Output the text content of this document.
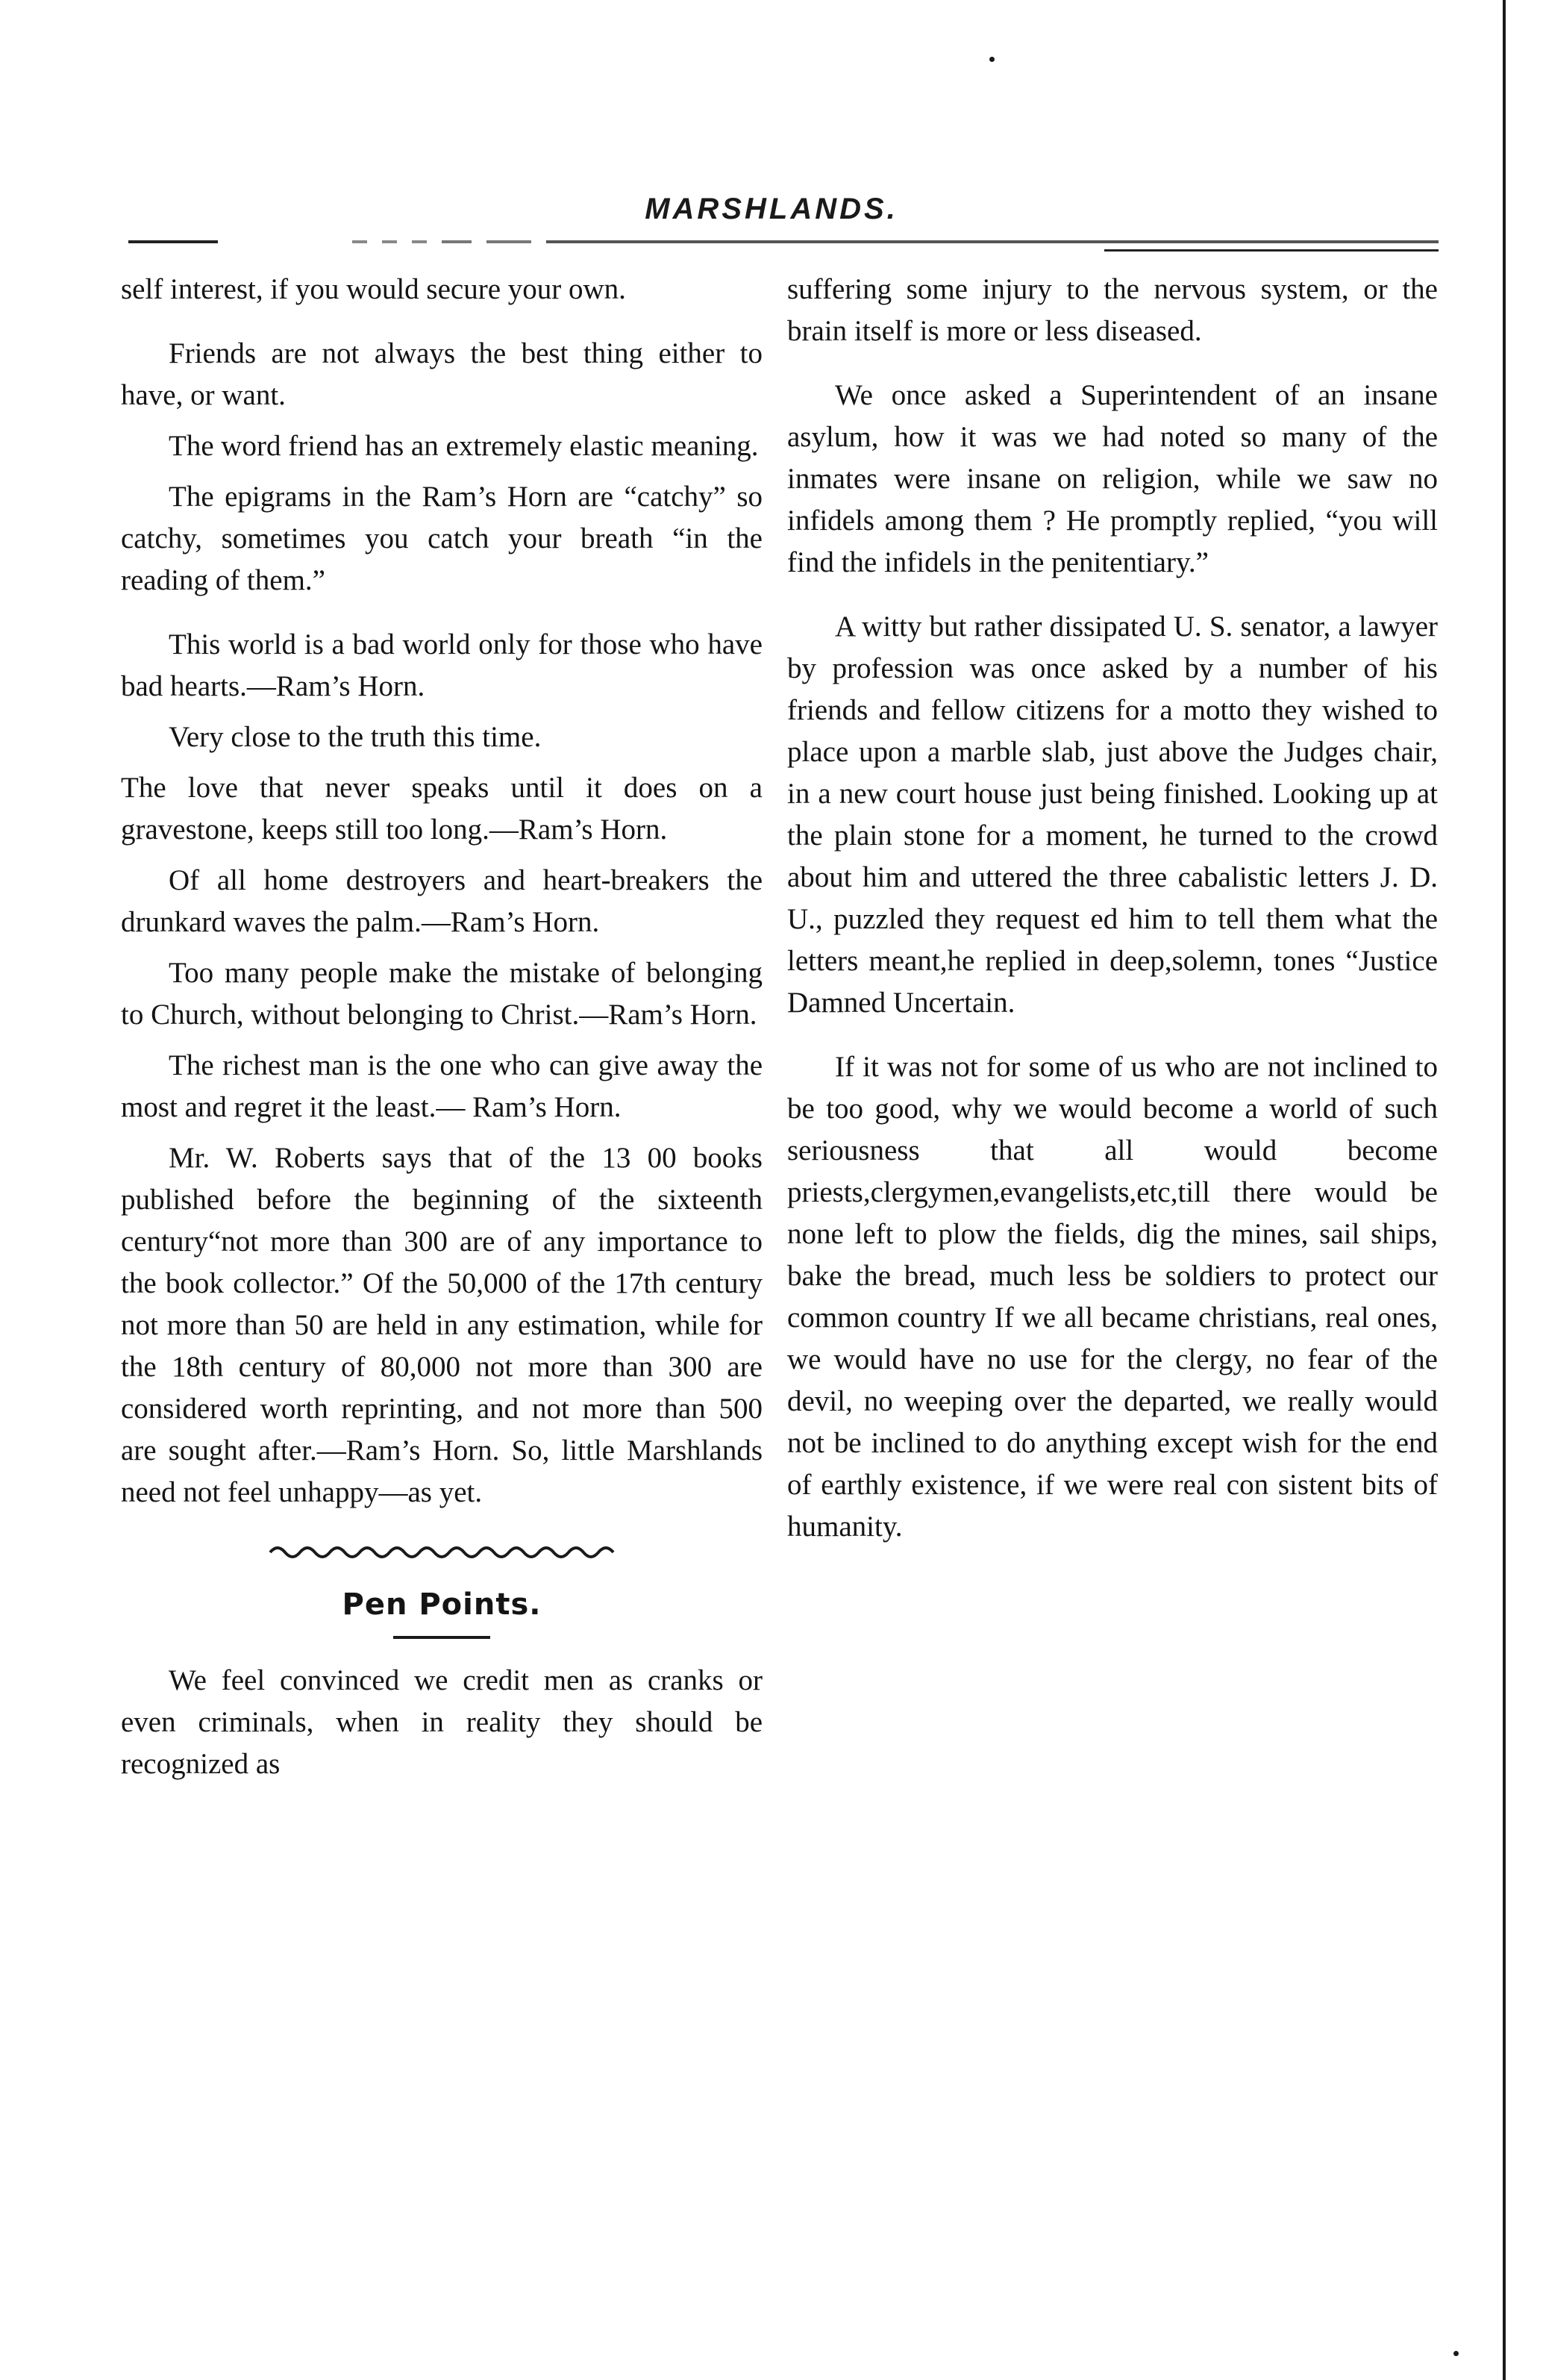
MARSHLANDS.

self interest, if you would secure your own.

Friends are not always the best thing either to have, or want.

The word friend has an extremely elastic meaning.

The epigrams in the Ram’s Horn are “catchy” so catchy, sometimes you catch your breath “in the reading of them.”

This world is a bad world only for those who have bad hearts.—Ram’s Horn.

Very close to the truth this time.

The love that never speaks until it does on a gravestone, keeps still too long.—Ram’s Horn.

Of all home destroyers and heart-breakers the drunkard waves the palm.—Ram’s Horn.

Too many people make the mistake of belonging to Church, without belonging to Christ.—Ram’s Horn.

The richest man is the one who can give away the most and regret it the least.— Ram’s Horn.

Mr. W. Roberts says that of the 13 00 books published before the beginning of the sixteenth century“not more than 300 are of any importance to the book collector.” Of the 50,000 of the 17th century not more than 50 are held in any estimation, while for the 18th century of 80,000 not more than 300 are considered worth reprinting, and not more than 500 are sought after.—Ram’s Horn. So, little Marshlands need not feel unhappy—as yet.

Pen Points.

We feel convinced we credit men as cranks or even criminals, when in reality they should be recognized as

suffering some injury to the nervous system, or the brain itself is more or less diseased.

We once asked a Superintendent of an insane asylum, how it was we had noted so many of the inmates were insane on religion, while we saw no infidels among them ? He promptly replied, “you will find the infidels in the penitentiary.”

A witty but rather dissipated U. S. senator, a lawyer by profession was once asked by a number of his friends and fellow citizens for a motto they wished to place upon a marble slab, just above the Judges chair, in a new court house just being finished. Looking up at the plain stone for a moment, he turned to the crowd about him and uttered the three cabalistic letters J. D. U., puzzled they request ed him to tell them what the letters meant,he replied in deep,solemn, tones “Justice Damned Uncertain.

If it was not for some of us who are not inclined to be too good, why we would become a world of such seriousness that all would become priests,clergymen,evangelists,etc,till there would be none left to plow the fields, dig the mines, sail ships, bake the bread, much less be soldiers to protect our common country If we all became christians, real ones, we would have no use for the clergy, no fear of the devil, no weeping over the departed, we really would not be inclined to do anything except wish for the end of earthly existence, if we were real con sistent bits of humanity.
